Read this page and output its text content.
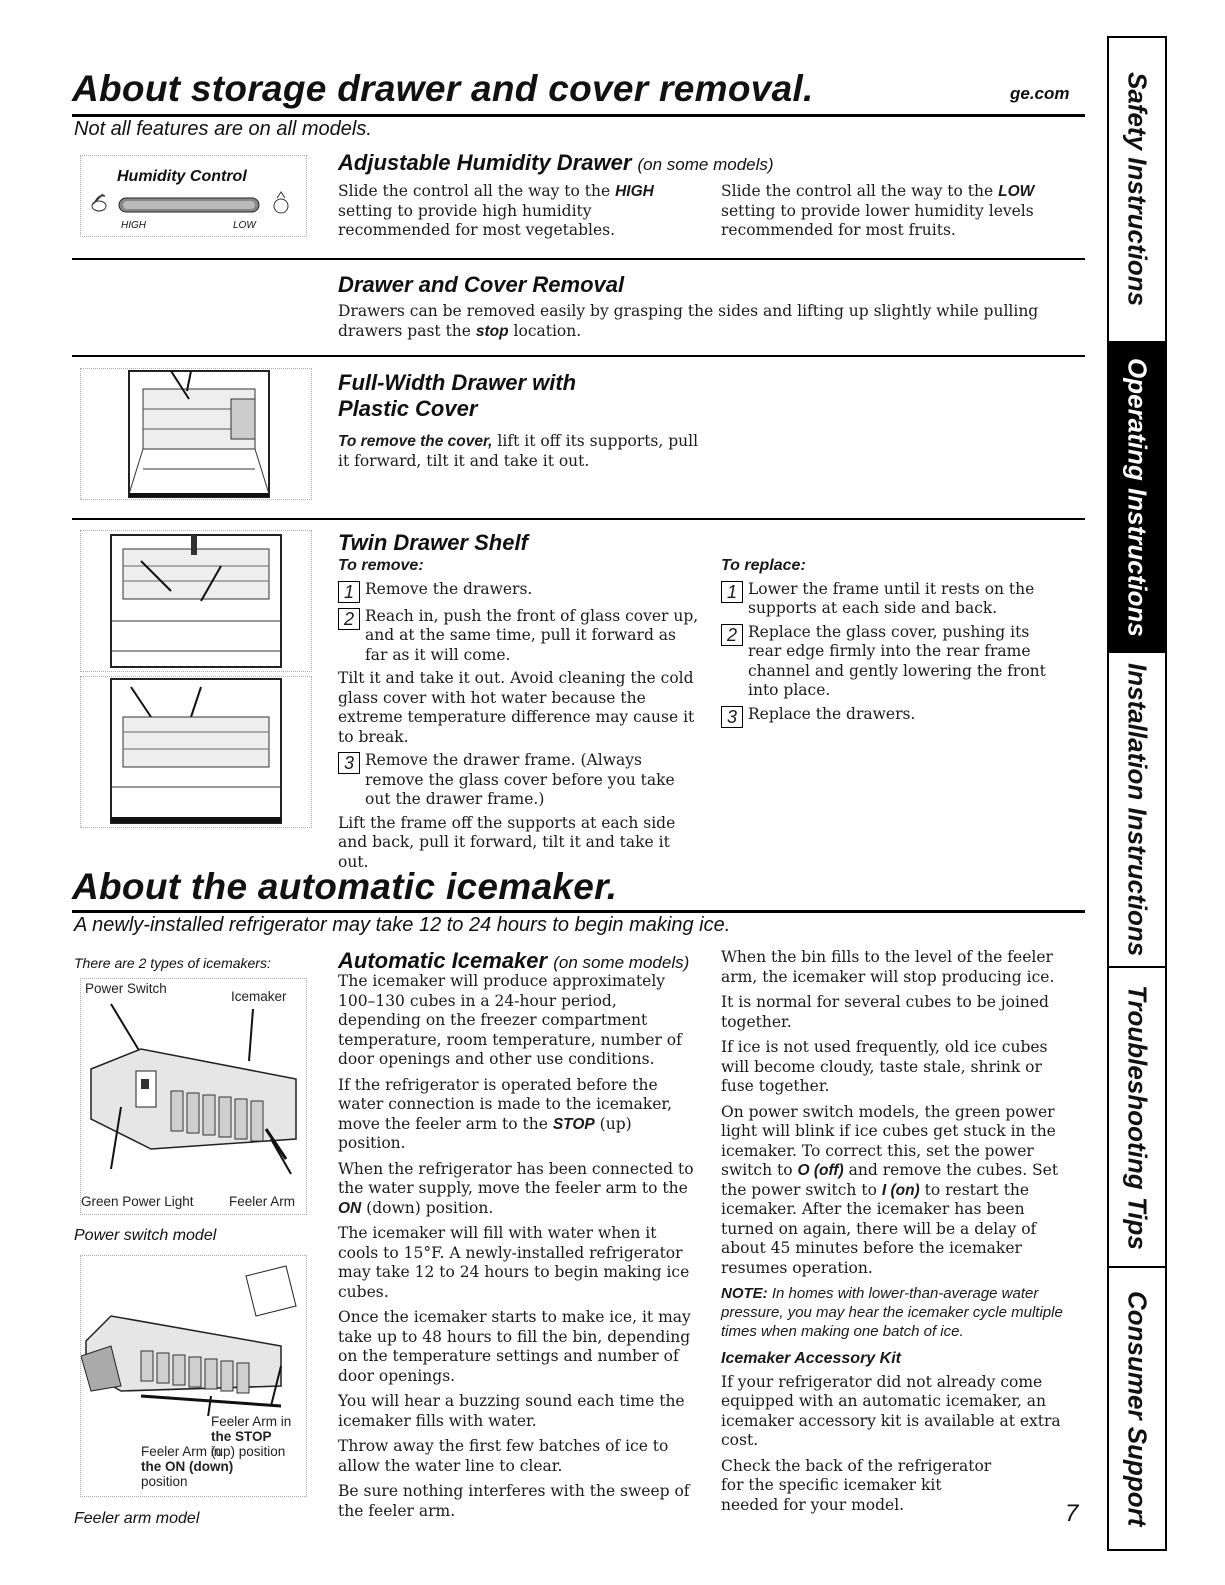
About storage drawer and cover removal.	ge.com
Not all features are on all models.
Humidity Control
HIGH	LOW
Adjustable Humidity Drawer (on some models)
Slide the control all the way to the HIGH setting to provide high humidity recommended for most vegetables.
Slide the control all the way to the LOW setting to provide lower humidity levels recommended for most fruits.
Drawer and Cover Removal
Drawers can be removed easily by grasping the sides and lifting up slightly while pulling drawers past the stop location.
Full-Width Drawer with
Plastic Cover
To remove the cover, lift it off its supports, pull it forward, tilt it and take it out.
Twin Drawer Shelf
To remove:
1 Remove the drawers.
2 Reach in, push the front of glass cover up, and at the same time, pull it forward as far as it will come.

Tilt it and take it out. Avoid cleaning the cold glass cover with hot water because the extreme temperature difference may cause it to break.

3 Remove the drawer frame. (Always remove the glass cover before you take out the drawer frame.)

Lift the frame off the supports at each side and back, pull it forward, tilt it and take it out.

To replace:
1 Lower the frame until it rests on the supports at each side and back.
2 Replace the glass cover, pushing its rear edge firmly into the rear frame channel and gently lowering the front into place.
3 Replace the drawers.
About the automatic icemaker.
A newly-installed refrigerator may take 12 to 24 hours to begin making ice.
There are 2 types of icemakers:
Power Switch
Icemaker
Green Power Light	Feeler Arm
Power switch model
Feeler Arm in
the STOP
(up) position
Feeler Arm in
the ON (down)
position
Feeler arm model
Automatic Icemaker (on some models)

The icemaker will produce approximately 100–130 cubes in a 24-hour period, depending on the freezer compartment temperature, room temperature, number of door openings and other use conditions.

If the refrigerator is operated before the water connection is made to the icemaker, move the feeler arm to the STOP (up) position.

When the refrigerator has been connected to the water supply, move the feeler arm to the ON (down) position.

The icemaker will fill with water when it cools to 15°F. A newly-installed refrigerator may take 12 to 24 hours to begin making ice cubes.

Once the icemaker starts to make ice, it may take up to 48 hours to fill the bin, depending on the temperature settings and number of door openings.

You will hear a buzzing sound each time the icemaker fills with water.

Throw away the first few batches of ice to allow the water line to clear.

Be sure nothing interferes with the sweep of the feeler arm.

When the bin fills to the level of the feeler arm, the icemaker will stop producing ice.

It is normal for several cubes to be joined together.

If ice is not used frequently, old ice cubes will become cloudy, taste stale, shrink or fuse together.

On power switch models, the green power light will blink if ice cubes get stuck in the icemaker. To correct this, set the power switch to O (off) and remove the cubes. Set the power switch to I (on) to restart the icemaker. After the icemaker has been turned on again, there will be a delay of about 45 minutes before the icemaker resumes operation.

NOTE: In homes with lower-than-average water pressure, you may hear the icemaker cycle multiple times when making one batch of ice.

Icemaker Accessory Kit

If your refrigerator did not already come equipped with an automatic icemaker, an icemaker accessory kit is available at extra cost.

Check the back of the refrigerator for the specific icemaker kit needed for your model.	7
Safety Instructions
Operating Instructions
Installation Instructions
Troubleshooting Tips
Consumer Support
